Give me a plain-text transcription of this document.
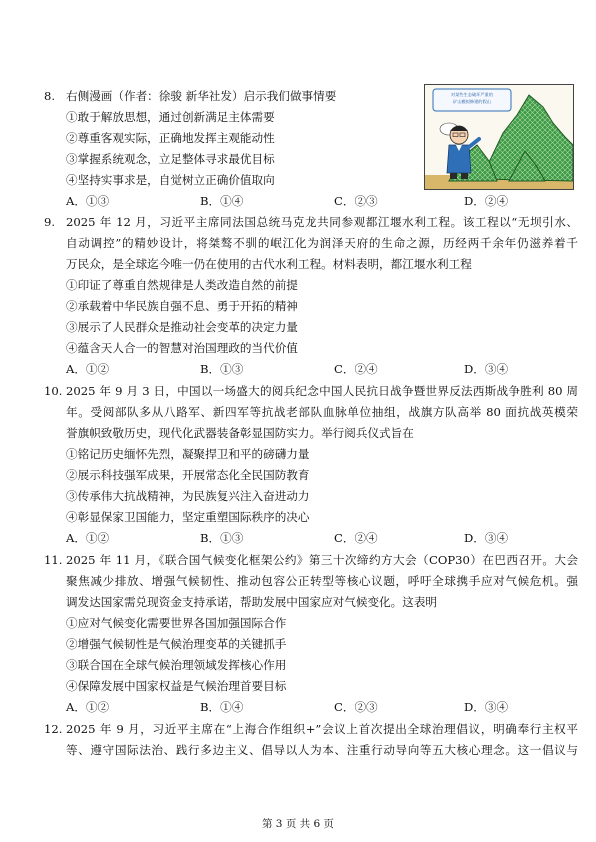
8. 右侧漫画（作者：徐骏 新华社发）启示我们做事情要
①敢于解放思想，通过创新满足主体需要
②尊重客观实际，正确地发挥主观能动性
③掌握系统观念，立足整体寻求最优目标
④坚持实事求是，自觉树立正确价值取向
A．①③	B．①④	C．②③	D．②④
对某些生态破坏严重的
矿山模拟修建的假山
9. 2025 年 12 月，习近平主席同法国总统马克龙共同参观都江堰水利工程。该工程以“无坝引水、
自动调控”的精妙设计，将桀骜不驯的岷江化为润泽天府的生命之源，历经两千余年仍滋养着千
万民众，是全球迄今唯一仍在使用的古代水利工程。材料表明，都江堰水利工程
①印证了尊重自然规律是人类改造自然的前提
②承载着中华民族自强不息、勇于开拓的精神
③展示了人民群众是推动社会变革的决定力量
④蕴含天人合一的智慧对治国理政的当代价值
A．①②	B．①③	C．②④	D．③④
10. 2025 年 9 月 3 日，中国以一场盛大的阅兵纪念中国人民抗日战争暨世界反法西斯战争胜利 80 周
年。受阅部队多从八路军、新四军等抗战老部队血脉单位抽组，战旗方队高举 80 面抗战英模荣
誉旗帜致敬历史，现代化武器装备彰显国防实力。举行阅兵仪式旨在
①铭记历史缅怀先烈，凝聚捍卫和平的磅礴力量
②展示科技强军成果，开展常态化全民国防教育
③传承伟大抗战精神，为民族复兴注入奋进动力
④彰显保家卫国能力，坚定重塑国际秩序的决心
A．①②	B．①③	C．②④	D．③④
11. 2025 年 11 月，《联合国气候变化框架公约》第三十次缔约方大会（COP30）在巴西召开。大会
聚焦减少排放、增强气候韧性、推动包容公正转型等核心议题，呼吁全球携手应对气候危机。强
调发达国家需兑现资金支持承诺，帮助发展中国家应对气候变化。这表明
①应对气候变化需要世界各国加强国际合作
②增强气候韧性是气候治理变革的关键抓手
③联合国在全球气候治理领域发挥核心作用
④保障发展中国家权益是气候治理首要目标
A．①②	B．①④	C．②③	D．③④
12. 2025 年 9 月，习近平主席在“上海合作组织+”会议上首次提出全球治理倡议，明确奉行主权平
等、遵守国际法治、践行多边主义、倡导以人为本、注重行动导向等五大核心理念。这一倡议与
第 3 页 共 6 页
